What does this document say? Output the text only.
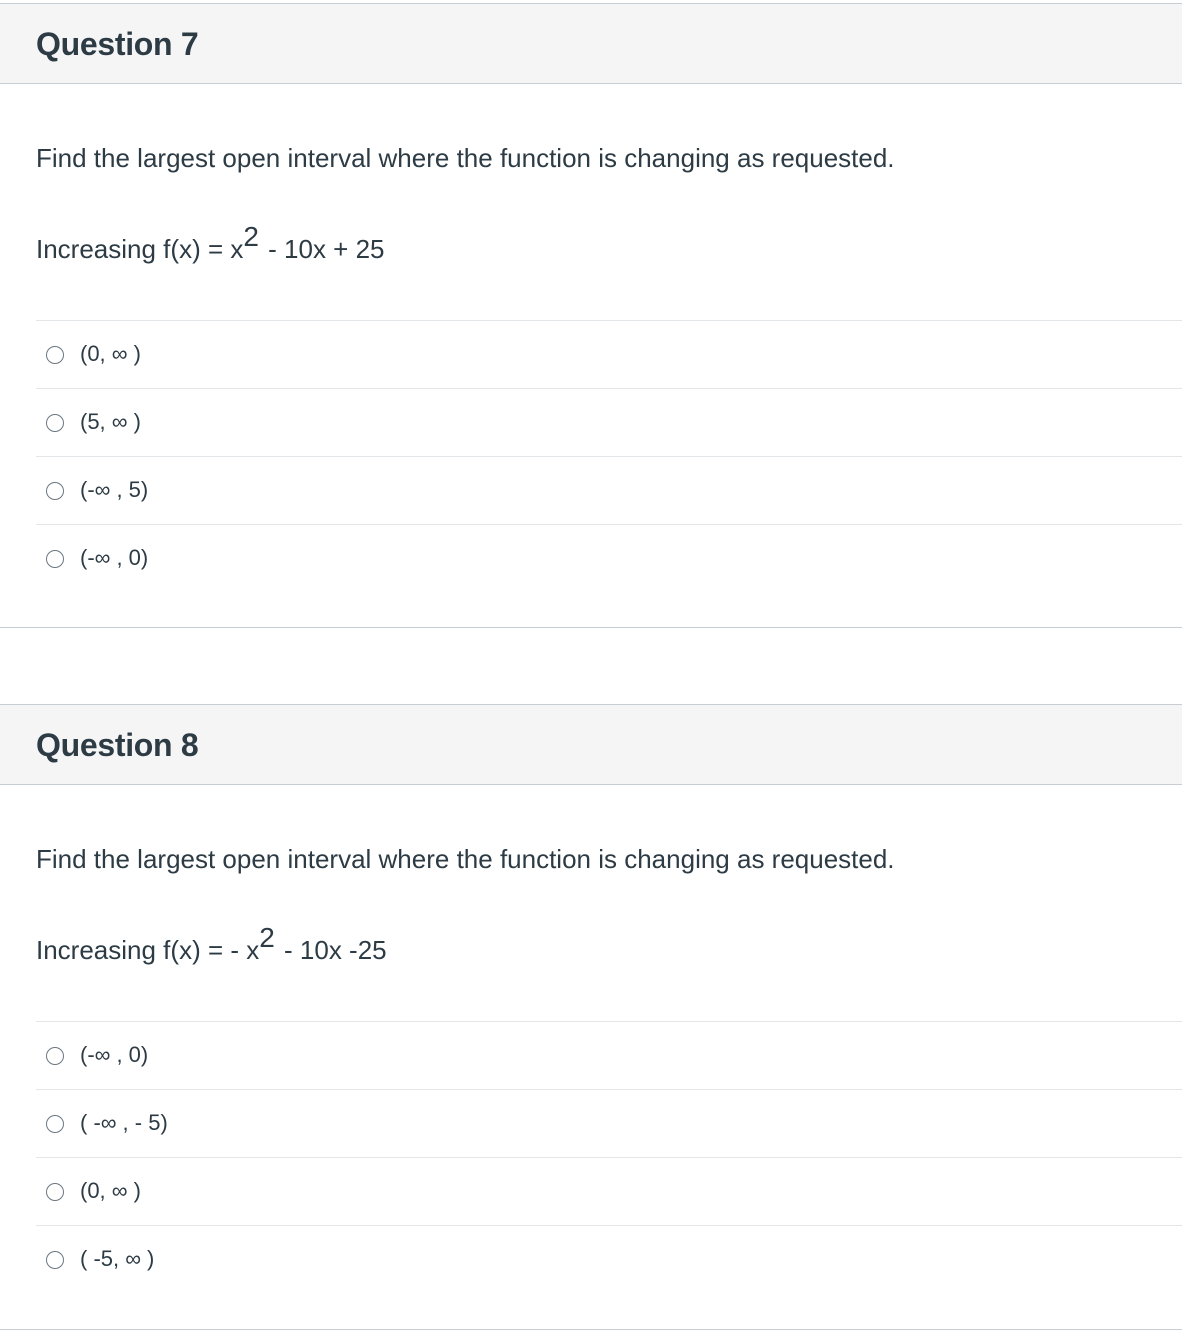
Question 7
Find the largest open interval where the function is changing as requested.
Increasing f(x) = x2 - 10x + 25
(0, ∞ )
(5, ∞ )
(-∞ , 5)
(-∞ , 0)
Question 8
Find the largest open interval where the function is changing as requested.
Increasing f(x) = - x2 - 10x -25
(-∞ , 0)
( -∞ , - 5)
(0, ∞ )
( -5, ∞ )
